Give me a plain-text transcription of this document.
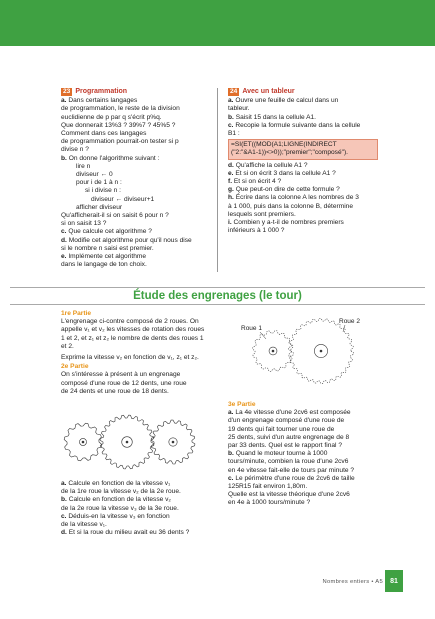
23 Programmation
a. Dans certains langages
de programmation, le reste de la division
euclidienne de p par q s'écrit p%q.
Que donnerait 13%3 ? 39%7 ? 45%5 ?
Comment dans ces langages
de programmation pourrait-on tester si p
divise n ?
b. On donne l'algorithme suivant :
lire n
diviseur ← 0
pour i de 1 à n :
si i divise n :
diviseur ← diviseur+1
afficher diviseur
Qu'afficherait-il si on saisit 6 pour n ?
si on saisit 13 ?
c. Que calcule cet algorithme ?
d. Modifie cet algorithme pour qu'il nous dise
si le nombre n saisi est premier.
e. Implémente cet algorithme
dans le langage de ton choix.
24 Avec un tableur
a. Ouvre une feuille de calcul dans un
tableur.
b. Saisit 15 dans la cellule A1.
c. Recopie la formule suivante dans la cellule
B1 :
=SI(ET((MOD(A1;LIGNE(INDIRECT
("2:"&A1-1))<>0));"premier";"composé").
d. Qu'affiche la cellule A1 ?
e. Et si on écrit 3 dans la cellule A1 ?
f. Et si on écrit 4 ?
g. Que peut-on dire de cette formule ?
h. Écrire dans la colonne A les nombres de 3
à 1 000, puis dans la colonne B, détermine
lesquels sont premiers.
i. Combien y a-t-il de nombres premiers
inférieurs à 1 000 ?
Étude des engrenages (le tour)
1re Partie
L'engrenage ci-contre composé de 2 roues. On
appelle v₁ et v₂ les vitesses de rotation des roues
1 et 2, et z₁ et z₂ le nombre de dents des roues 1
et 2.
Exprime la vitesse v₂ en fonction de v₁, z₁ et z₂.
2e Partie
On s'intéresse à présent à un engrenage
composé d'une roue de 12 dents, une roue
de 24 dents et une roue de 18 dents.
a. Calcule en fonction de la vitesse v₁
de la 1re roue la vitesse v₂ de la 2e roue.
b. Calcule en fonction de la vitesse v₂
de la 2e roue la vitesse v₃ de la 3e roue.
c. Déduis-en la vitesse v₃ en fonction
de la vitesse v₁.
d. Et si la roue du milieu avait eu 36 dents ?
Roue 1
Roue 2
3e Partie
a. La 4e vitesse d'une 2cv6 est composée
d'un engrenage composé d'une roue de
19 dents qui fait tourner une roue de
25 dents, suivi d'un autre engrenage de 8
par 33 dents. Quel est le rapport final ?
b. Quand le moteur tourne à 1000
tours/minute, combien la roue d'une 2cv6
en 4e vitesse fait-elle de tours par minute ?
c. Le périmètre d'une roue de 2cv6 de taille
125R15 fait environ 1,80m.
Quelle est la vitesse théorique d'une 2cv6
en 4e à 1000 tours/minute ?
Nombres entiers • A5	81
